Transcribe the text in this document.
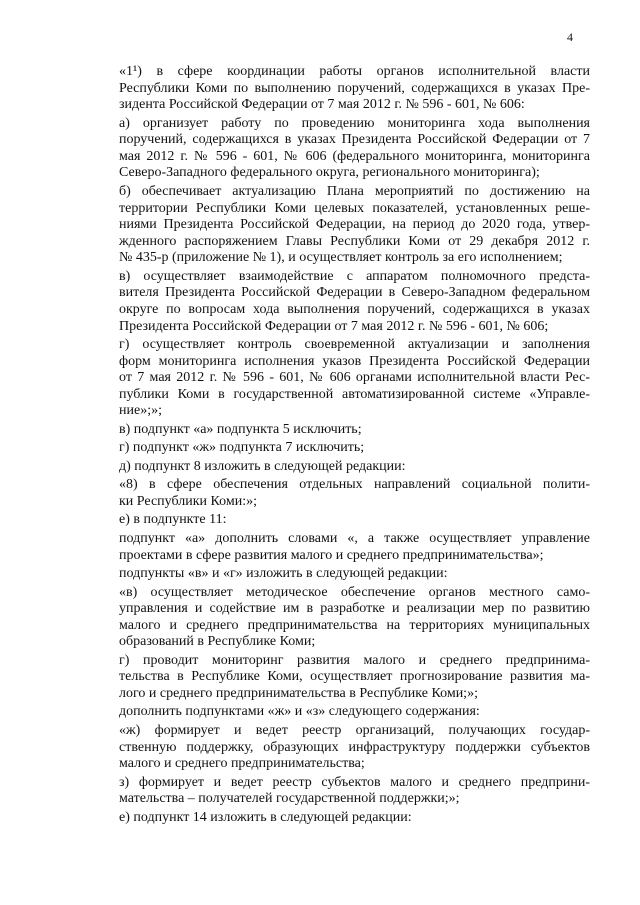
4

«1¹) в сфере координации работы органов исполнительной власти
Республики Коми по выполнению поручений, содержащихся в указах Пре-
зидента Российской Федерации от 7 мая 2012 г. № 596 - 601, № 606:

а) организует работу по проведению мониторинга хода выполнения
поручений, содержащихся в указах Президента Российской Федерации от 7
мая 2012 г. № 596 - 601, № 606 (федерального мониторинга, мониторинга
Северо-Западного федерального округа, регионального мониторинга);

б) обеспечивает актуализацию Плана мероприятий по достижению на
территории Республики Коми целевых показателей, установленных реше-
ниями Президента Российской Федерации, на период до 2020 года, утвер-
жденного распоряжением Главы Республики Коми от 29 декабря 2012 г.
№ 435-р (приложение № 1), и осуществляет контроль за его исполнением;

в) осуществляет взаимодействие с аппаратом полномочного предста-
вителя Президента Российской Федерации в Северо-Западном федеральном
округе по вопросам хода выполнения поручений, содержащихся в указах
Президента Российской Федерации от 7 мая 2012 г. № 596 - 601, № 606;

г) осуществляет контроль своевременной актуализации и заполнения
форм мониторинга исполнения указов Президента Российской Федерации
от 7 мая 2012 г. № 596 - 601, № 606 органами исполнительной власти Рес-
публики Коми в государственной автоматизированной системе «Управле-
ние»;»;

в) подпункт «а» подпункта 5 исключить;

г) подпункт «ж» подпункта 7 исключить;

д) подпункт 8 изложить в следующей редакции:

«8) в сфере обеспечения отдельных направлений социальной полити-
ки Республики Коми:»;

е) в подпункте 11:

подпункт «а» дополнить словами «, а также осуществляет управление
проектами в сфере развития малого и среднего предпринимательства»;

подпункты «в» и «г» изложить в следующей редакции:

«в) осуществляет методическое обеспечение органов местного само-
управления и содействие им в разработке и реализации мер по развитию
малого и среднего предпринимательства на территориях муниципальных
образований в Республике Коми;

г) проводит мониторинг развития малого и среднего предпринима-
тельства в Республике Коми, осуществляет прогнозирование развития ма-
лого и среднего предпринимательства в Республике Коми;»;

дополнить подпунктами «ж» и «з» следующего содержания:

«ж) формирует и ведет реестр организаций, получающих государ-
ственную поддержку, образующих инфраструктуру поддержки субъектов
малого и среднего предпринимательства;

з) формирует и ведет реестр субъектов малого и среднего предприни-
мательства – получателей государственной поддержки;»;

е) подпункт 14 изложить в следующей редакции:
